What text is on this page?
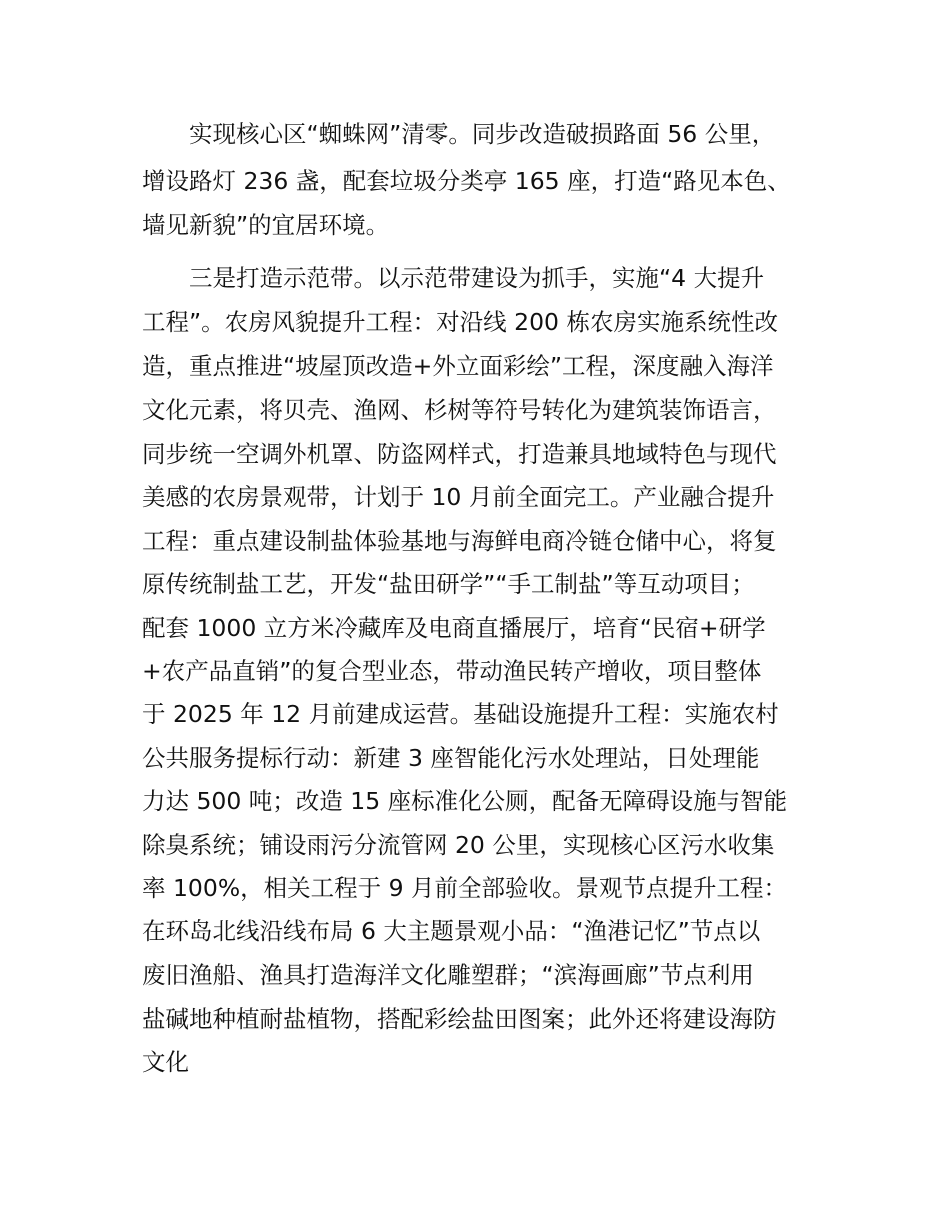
实现核心区“蜘蛛网”清零。同步改造破损路面 56 公里，
增设路灯 236 盏，配套垃圾分类亭 165 座，打造“路见本色、
墙见新貌”的宜居环境。
三是打造示范带。以示范带建设为抓手，实施“4 大提升
工程”。农房风貌提升工程：对沿线 200 栋农房实施系统性改
造，重点推进“坡屋顶改造+外立面彩绘”工程，深度融入海洋
文化元素，将贝壳、渔网、杉树等符号转化为建筑装饰语言，
同步统一空调外机罩、防盗网样式，打造兼具地域特色与现代
美感的农房景观带，计划于 10 月前全面完工。产业融合提升
工程：重点建设制盐体验基地与海鲜电商冷链仓储中心，将复
原传统制盐工艺，开发“盐田研学”“手工制盐”等互动项目；
配套 1000 立方米冷藏库及电商直播展厅，培育“民宿+研学
+农产品直销”的复合型业态，带动渔民转产增收，项目整体
于 2025 年 12 月前建成运营。基础设施提升工程：实施农村
公共服务提标行动：新建 3 座智能化污水处理站，日处理能
力达 500 吨；改造 15 座标准化公厕，配备无障碍设施与智能
除臭系统；铺设雨污分流管网 20 公里，实现核心区污水收集
率 100%，相关工程于 9 月前全部验收。景观节点提升工程：
在环岛北线沿线布局 6 大主题景观小品：“渔港记忆”节点以
废旧渔船、渔具打造海洋文化雕塑群；“滨海画廊”节点利用
盐碱地种植耐盐植物，搭配彩绘盐田图案；此外还将建设海防
文化
